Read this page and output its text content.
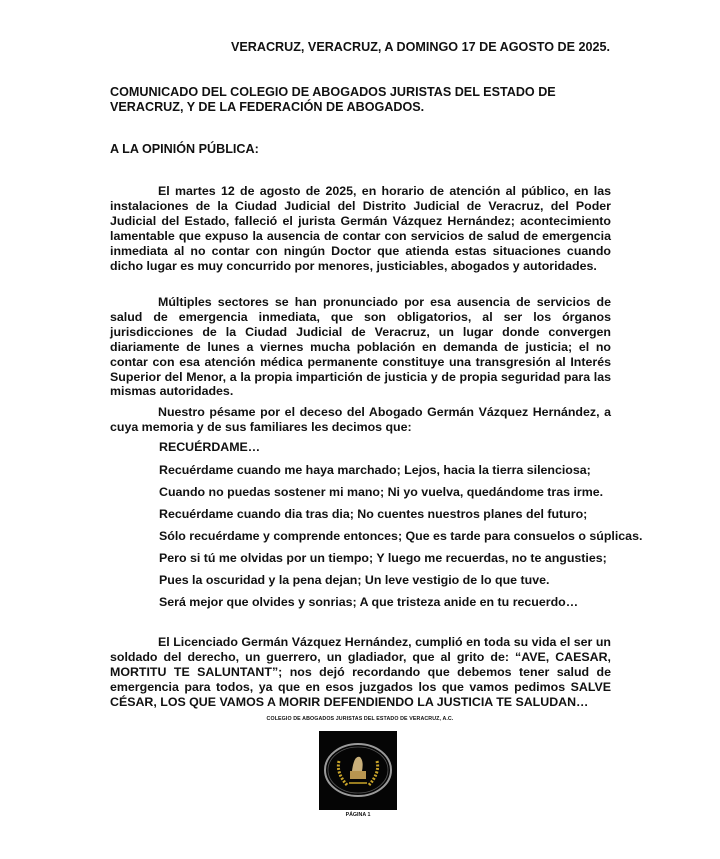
VERACRUZ, VERACRUZ, A DOMINGO 17 DE AGOSTO DE 2025.
COMUNICADO DEL COLEGIO DE ABOGADOS JURISTAS DEL ESTADO DE VERACRUZ, Y DE LA FEDERACIÓN DE ABOGADOS.
A LA OPINIÓN PÚBLICA:
El martes 12 de agosto de 2025, en horario de atención al público, en las instalaciones de la Ciudad Judicial del Distrito Judicial de Veracruz, del Poder Judicial del Estado, falleció el jurista Germán Vázquez Hernández; acontecimiento lamentable que expuso la ausencia de contar con servicios de salud de emergencia inmediata al no contar con ningún Doctor que atienda estas situaciones cuando dicho lugar es muy concurrido por menores, justiciables, abogados y autoridades.
Múltiples sectores se han pronunciado por esa ausencia de servicios de salud de emergencia inmediata, que son obligatorios, al ser los órganos jurisdicciones de la Ciudad Judicial de Veracruz, un lugar donde convergen diariamente de lunes a viernes mucha población en demanda de justicia; el no contar con esa atención médica permanente constituye una transgresión al Interés Superior del Menor, a la propia impartición de justicia y de propia seguridad para las mismas autoridades.
Nuestro pésame por el deceso del Abogado Germán Vázquez Hernández, a cuya memoria y de sus familiares les decimos que:
RECUÉRDAME…
Recuérdame cuando me haya marchado; Lejos, hacia la tierra silenciosa;
Cuando no puedas sostener mi mano; Ni yo vuelva, quedándome tras irme.
Recuérdame cuando dia tras dia; No cuentes nuestros planes del futuro;
Sólo recuérdame y comprende entonces; Que es tarde para consuelos o súplicas.
Pero si tú me olvidas por un tiempo; Y luego me recuerdas, no te angusties;
Pues la oscuridad y la pena dejan; Un leve vestigio de lo que tuve.
Será mejor que olvides y sonrias; A que tristeza anide en tu recuerdo…
El Licenciado Germán Vázquez Hernández, cumplió en toda su vida el ser un soldado del derecho, un guerrero, un gladiador, que al grito de: “AVE, CAESAR, MORTITU TE SALUNTANT”; nos dejó recordando que debemos tener salud de emergencia para todos, ya que en esos juzgados los que vamos pedimos SALVE CÉSAR, LOS QUE VAMOS A MORIR DEFENDIENDO LA JUSTICIA TE SALUDAN…
COLEGIO DE ABOGADOS JURISTAS DEL ESTADO DE VERACRUZ, A.C.
PÁGINA 1
